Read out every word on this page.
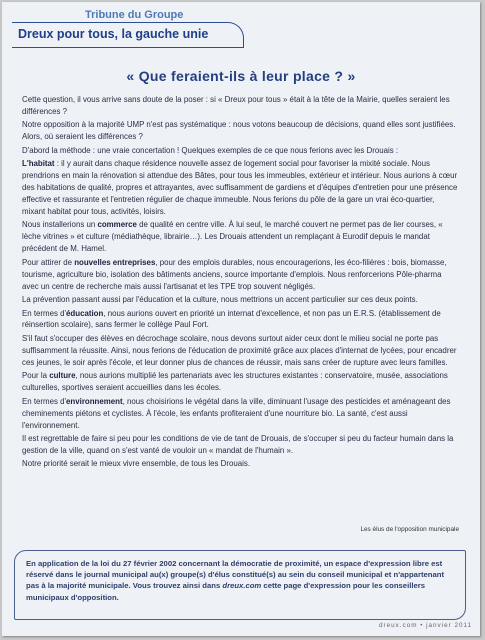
Tribune du Groupe
Dreux pour tous, la gauche unie
« Que feraient-ils à leur place ? »

Cette question, il vous arrive sans doute de la poser : si « Dreux pour tous » était à la tête de la Mairie, quelles seraient les différences ?

Notre opposition à la majorité UMP n'est pas systématique : nous votons beaucoup de décisions, quand elles sont justifiées. Alors, où seraient les différences ?

D'abord la méthode : une vraie concertation ! Quelques exemples de ce que nous ferions avec les Drouais :

L'habitat : il y aurait dans chaque résidence nouvelle assez de logement social pour favoriser la mixité sociale. Nous prendrions en main la rénovation si attendue des Bâtes, pour tous les immeubles, extérieur et intérieur. Nous aurions à cœur des habitations de qualité, propres et attrayantes, avec suffisamment de gardiens et d'équipes d'entretien pour une présence effective et rassurante et l'entretien régulier de chaque immeuble. Nous ferions du pôle de la gare un vrai éco-quartier, mixant habitat pour tous, activités, loisirs.

Nous installerions un commerce de qualité en centre ville. À lui seul, le marché couvert ne permet pas de lier courses, « lèche vitrines » et culture (médiathèque, librairie…). Les Drouais attendent un remplaçant à Eurodif depuis le mandat précédent de M. Hamel.

Pour attirer de nouvelles entreprises, pour des emplois durables, nous encouragerions, les éco-filières : bois, biomasse, tourisme, agriculture bio, isolation des bâtiments anciens, source importante d'emplois. Nous renforcerions Pôle-pharma avec un centre de recherche mais aussi l'artisanat et les TPE trop souvent négligés.

La prévention passant aussi par l'éducation et la culture, nous mettrions un accent particulier sur ces deux points.

En termes d'éducation, nous aurions ouvert en priorité un internat d'excellence, et non pas un E.R.S. (établissement de réinsertion scolaire), sans fermer le collège Paul Fort.

S'il faut s'occuper des élèves en décrochage scolaire, nous devons surtout aider ceux dont le milieu social ne porte pas suffisamment la réussite. Ainsi, nous ferions de l'éducation de proximité grâce aux places d'internat de lycées, pour encadrer ces jeunes, le soir après l'école, et leur donner plus de chances de réussir, mais sans créer de rupture avec leurs familles.

Pour la culture, nous aurions multiplié les partenariats avec les structures existantes : conservatoire, musée, associations culturelles, sportives seraient accueillies dans les écoles.

En termes d'environnement, nous choisirions le végétal dans la ville, diminuant l'usage des pesticides et aménageant des cheminements piétons et cyclistes. À l'école, les enfants profiteraient d'une nourriture bio. La santé, c'est aussi l'environnement.

Il est regrettable de faire si peu pour les conditions de vie de tant de Drouais, de s'occuper si peu du facteur humain dans la gestion de la ville, quand on s'est vanté de vouloir un « mandat de l'humain ».

Notre priorité serait le mieux vivre ensemble, de tous les Drouais.

Les élus de l'opposition municipale
En application de la loi du 27 février 2002 concernant la démocratie de proximité, un espace d'expression libre est réservé dans le journal municipal au(x) groupe(s) d'élus constitué(s) au sein du conseil municipal et n'appartenant pas à la majorité municipale. Vous trouvez ainsi dans dreux.com cette page d'expression pour les conseillers municipaux d'opposition.
dreux.com • janvier 2011
